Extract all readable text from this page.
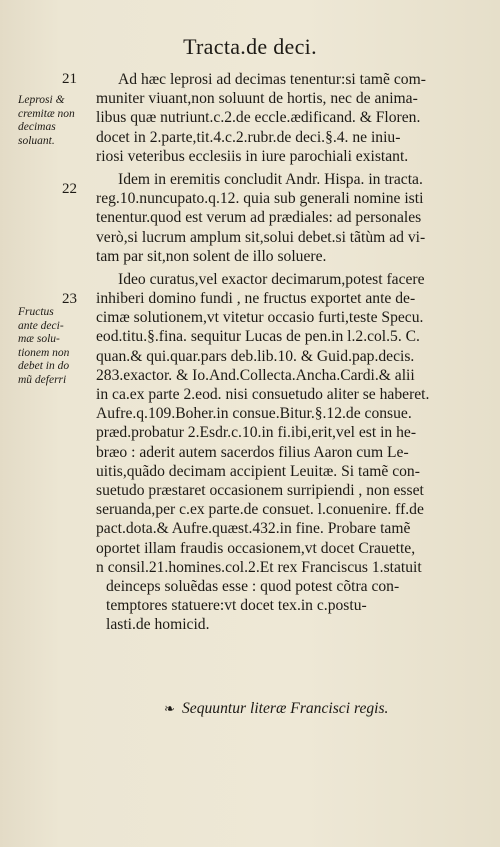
Tracta.de deci.
21
22
23
Leprosi &
cremitæ non
decimas
soluant.
Fructus
ante deci-
mæ solu-
tionem non
debet in do
mũ deferri
Ad hæc leprosi ad decimas tenentur:si tamẽ com-
muniter viuant,non soluunt de hortis, nec de anima-
libus quæ nutriunt.c.2.de eccle.ædificand. & Floren.
docet in 2.parte,tit.4.c.2.rubr.de deci.§.4. ne iniu-
riosi veteribus ecclesiis in iure parochiali existant.
Idem in eremitis concludit Andr. Hispa. in tracta.
reg.10.nuncupato.q.12. quia sub generali nomine isti
tenentur.quod est verum ad prædiales: ad personales
verò,si lucrum amplum sit,solui debet.si tãtùm ad vi-
tam par sit,non solent de illo soluere.
Ideo curatus,vel exactor decimarum,potest facere
inhiberi domino fundi , ne fructus exportet ante de-
cimæ solutionem,vt vitetur occasio furti,teste Specu.
eod.titu.§.fina. sequitur Lucas de pen.in l.2.col.5. C.
quan.& qui.quar.pars deb.lib.10. & Guid.pap.decis.
283.exactor. & Io.And.Collecta.Ancha.Cardi.& alii
in ca.ex parte 2.eod. nisi consuetudo aliter se haberet.
Aufre.q.109.Boher.in consue.Bitur.§.12.de consue.
præd.probatur 2.Esdr.c.10.in fi.ibi,erit,vel est in he-
bræo : aderit autem sacerdos filius Aaron cum Le-
uitis,quãdo decimam accipient Leuitæ. Si tamẽ con-
suetudo præstaret occasionem surripiendi , non esset
seruanda,per c.ex parte.de consuet. l.conuenire. ff.de
pact.dota.& Aufre.quæst.432.in fine. Probare tamẽ
oportet illam fraudis occasionem,vt docet Crauette,
n consil.21.homines.col.2.Et rex Franciscus 1.statuit
deinceps soluẽdas esse : quod potest cõtra con-
temptores statuere:vt docet tex.in c.postu-
lasti.de homicid.
❧ Sequuntur literæ Francisci regis.
